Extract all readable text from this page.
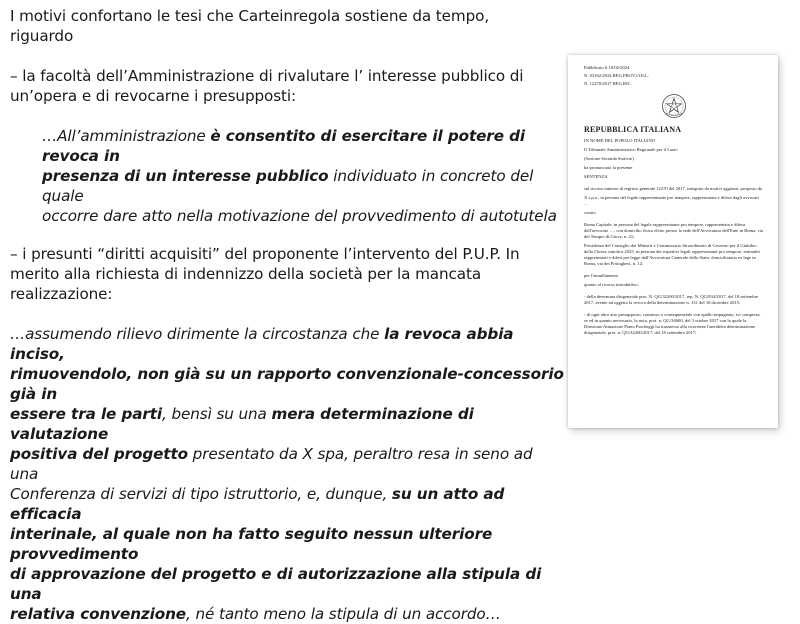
I motivi confortano le tesi che Carteinregola sostiene da tempo,

riguardo

– la facoltà dell’Amministrazione di rivalutare l’ interesse pubblico di

un’opera e di revocarne i presupposti:

…All’amministrazione è consentito di esercitare il potere di revoca in

presenza di un interesse pubblico individuato in concreto del quale

occorre dare atto nella motivazione del provvedimento di autotutela

– i presunti “diritti acquisiti” del proponente l’intervento del P.U.P. In

merito alla richiesta di indennizzo della società per la mancata

realizzazione:

…assumendo rilievo dirimente la circostanza che la revoca abbia inciso,

rimuovendolo, non già su un rapporto convenzionale-concessorio già in

essere tra le parti, bensì su una mera determinazione di valutazione

positiva del progetto presentato da X spa, peraltro resa in seno ad una

Conferenza di servizi di tipo istruttorio, e, dunque, su un atto ad efficacia

interinale, al quale non ha fatto seguito nessun ulteriore provvedimento

di approvazione del progetto e di autorizzazione alla stipula di una

relativa convenzione, né tanto meno la stipula di un accordo…

Pubblicato il 10/02/2024

N. 03162/2024 REG.PROV.COLL.

N. 12270/2017 REG.RIC.

REPUBBLICA ITALIANA

IN NOME DEL POPOLO ITALIANO

Il Tribunale Amministrativo Regionale per il Lazio

(Sezione Seconda Stralcio)

ha pronunciato la presente

SENTENZA

sul ricorso numero di registro generale 12270 del 2017, integrato da motivi aggiunti, proposto da

X s.p.a., in persona del legale rappresentante pro tempore, rappresentata e difesa dagli avvocati …

contro

Roma Capitale, in persona del legale rappresentante pro tempore, rappresentata e difesa dall'avvocato …, con domicilio fisico eletto presso la sede dell'Avvocatura dell'Ente in Roma, via del Tempio di Giove, n. 21;

Presidenza del Consiglio dei Ministri e Commissario Straordinario di Governo per il Giubileo della Chiesa cattolica 2025, in persona dei rispettivi legali rappresentanti pro tempore, entrambi rappresentati e difesi per legge dall'Avvocatura Generale dello Stato, domiciliataria ex lege in Roma, via dei Portoghesi, n. 12;

per l'annullamento

quanto al ricorso introduttivo,

- della determina dirigenziale prot. N. QG/32200/2017, rep. N. QG/834/2017, del 18 settembre 2017, avente ad oggetto la revoca della determinazione n. 131 del 16 dicembre 2015;

- di ogni altro atto presupposto, connesso o consequenziale con quello impugnato, ivi compresa, se ed in quanto necessario, la nota, prot. n. QG/34600, del 3 ottobre 2017 con la quale la Direzione Attuazione Piano Parcheggi ha trasmesso alla ricorrente l'anzidetta determinazione dirigenziale, prot. n. QG/32200/2017, del 18 settembre 2017;
